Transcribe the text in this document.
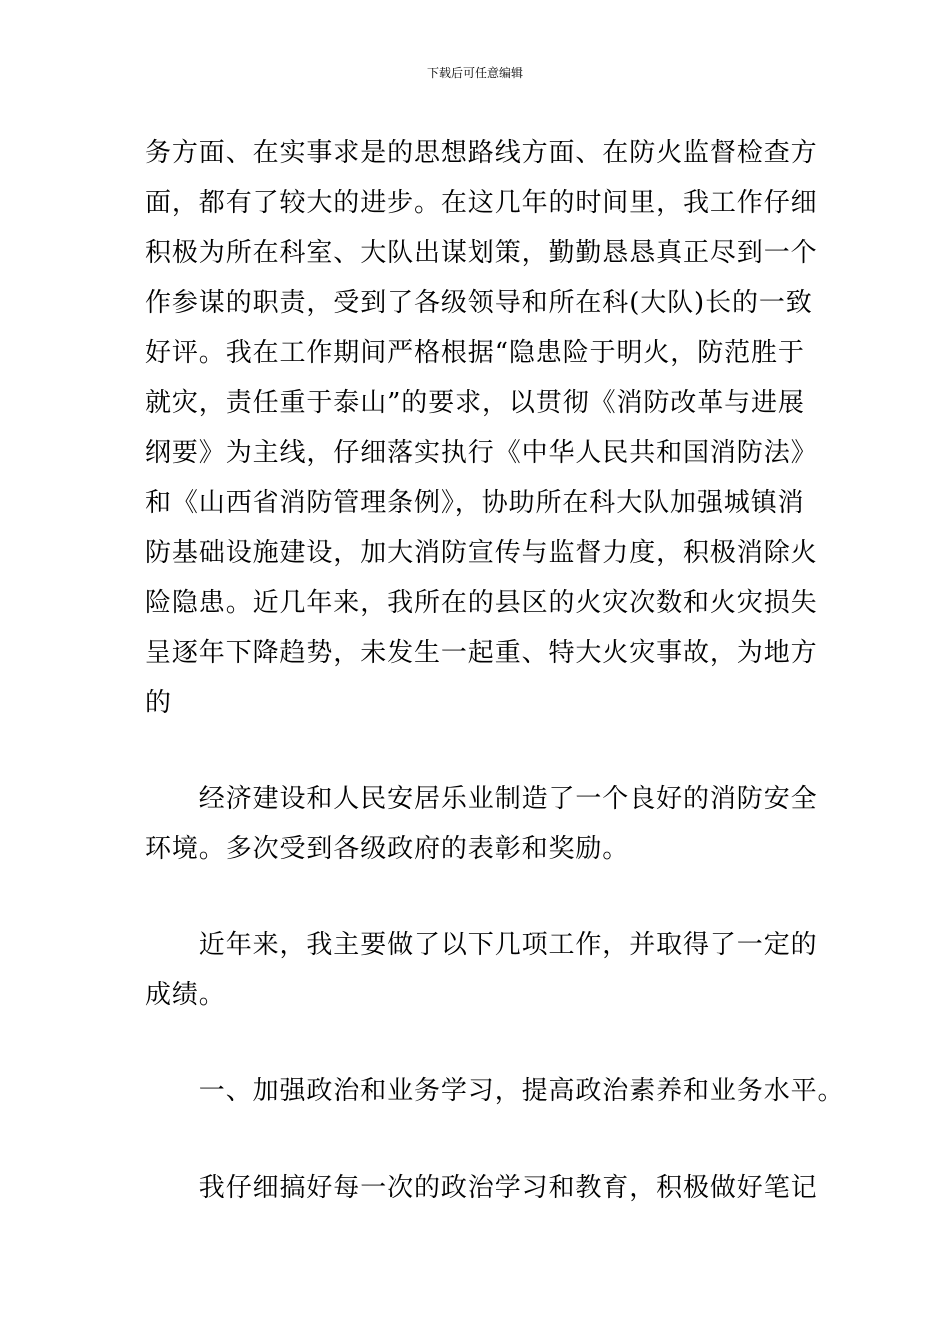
下载后可任意编辑
务方面、在实事求是的思想路线方面、在防火监督检查方
面，都有了较大的进步。在这几年的时间里，我工作仔细
积极为所在科室、大队出谋划策，勤勤恳恳真正尽到一个
作参谋的职责，受到了各级领导和所在科(大队)长的一致
好评。我在工作期间严格根据“隐患险于明火，防范胜于
就灾，责任重于泰山”的要求，以贯彻《消防改革与进展
纲要》为主线，仔细落实执行《中华人民共和国消防法》
和《山西省消防管理条例》，协助所在科大队加强城镇消
防基础设施建设，加大消防宣传与监督力度，积极消除火
险隐患。近几年来，我所在的县区的火灾次数和火灾损失
呈逐年下降趋势，未发生一起重、特大火灾事故，为地方
的
　　经济建设和人民安居乐业制造了一个良好的消防安全
环境。多次受到各级政府的表彰和奖励。
　　近年来，我主要做了以下几项工作，并取得了一定的
成绩。
　　一、加强政治和业务学习，提高政治素养和业务水平。
　　我仔细搞好每一次的政治学习和教育，积极做好笔记
